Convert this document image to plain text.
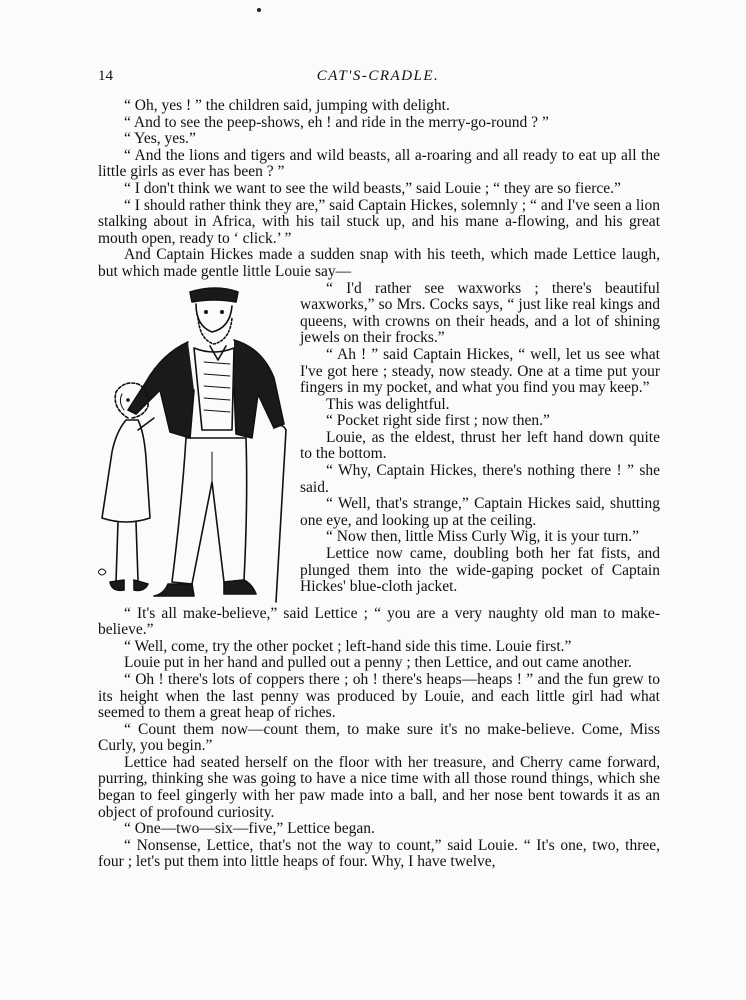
14	CAT'S-CRADLE.

“ Oh, yes ! ” the children said, jumping with delight.

“ And to see the peep-shows, eh ! and ride in the merry-go-round ? ”

“ Yes, yes.”

“ And the lions and tigers and wild beasts, all a-roaring and all ready to eat up all the little girls as ever has been ? ”

“ I don't think we want to see the wild beasts,” said Louie ; “ they are so fierce.”

“ I should rather think they are,” said Captain Hickes, solemnly ; “ and I've seen a lion stalking about in Africa, with his tail stuck up, and his mane a-flowing, and his great mouth open, ready to ‘ click.’ ”

And Captain Hickes made a sudden snap with his teeth, which made Lettice laugh, but which made gentle little Louie say—

“ I'd rather see waxworks ; there's beautiful waxworks,” so Mrs. Cocks says, “ just like real kings and queens, with crowns on their heads, and a lot of shining jewels on their frocks.”

“ Ah ! ” said Captain Hickes, “ well, let us see what I've got here ; steady, now steady. One at a time put your fingers in my pocket, and what you find you may keep.”

This was delightful.

“ Pocket right side first ; now then.”

Louie, as the eldest, thrust her left hand down quite to the bottom.

“ Why, Captain Hickes, there's nothing there ! ” she said.

“ Well, that's strange,” Captain Hickes said, shutting one eye, and looking up at the ceiling.

“ Now then, little Miss Curly Wig, it is your turn.”

Lettice now came, doubling both her fat fists, and plunged them into the wide-gaping pocket of Captain Hickes' blue-cloth jacket.

“ It's all make-believe,” said Lettice ; “ you are a very naughty old man to make-believe.”

“ Well, come, try the other pocket ; left-hand side this time. Louie first.”

Louie put in her hand and pulled out a penny ; then Lettice, and out came another.

“ Oh ! there's lots of coppers there ; oh ! there's heaps—heaps ! ” and the fun grew to its height when the last penny was produced by Louie, and each little girl had what seemed to them a great heap of riches.

“ Count them now—count them, to make sure it's no make-believe. Come, Miss Curly, you begin.”

Lettice had seated herself on the floor with her treasure, and Cherry came forward, purring, thinking she was going to have a nice time with all those round things, which she began to feel gingerly with her paw made into a ball, and her nose bent towards it as an object of profound curiosity.

“ One—two—six—five,” Lettice began.

“ Nonsense, Lettice, that's not the way to count,” said Louie. “ It's one, two, three, four ; let's put them into little heaps of four. Why, I have twelve,
